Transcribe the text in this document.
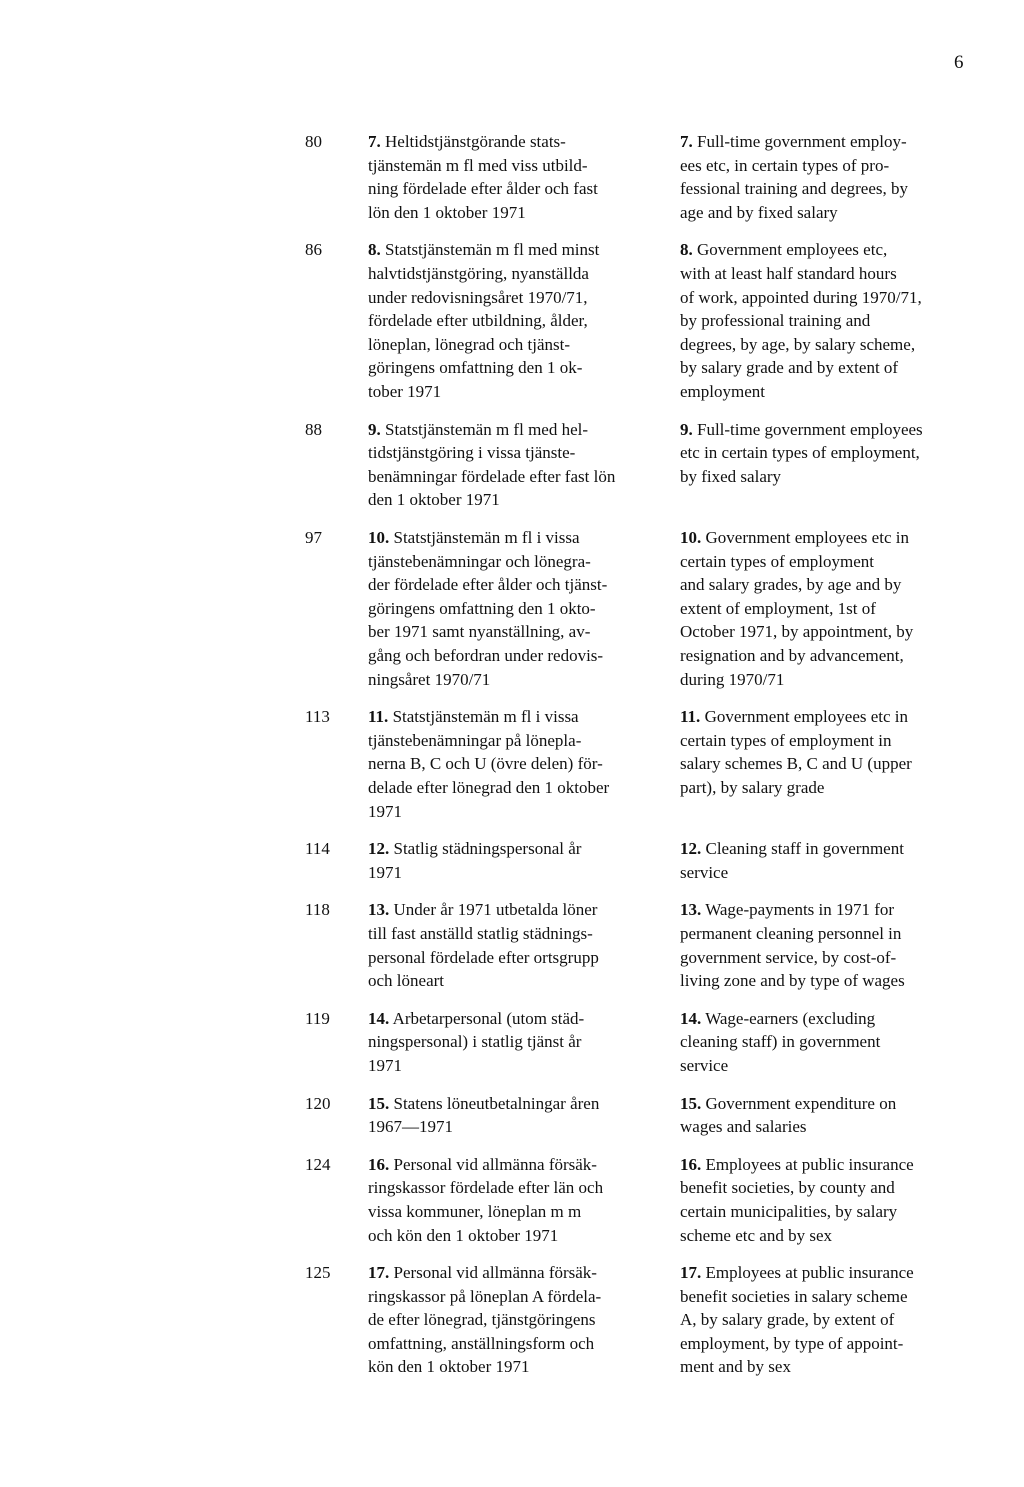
6
80	7. Heltidstjänstgörande stats-
tjänstemän m fl med viss utbild-
ning fördelade efter ålder och fast
lön den 1 oktober 1971
7. Full-time government employ-
ees etc, in certain types of pro-
fessional training and degrees, by
age and by fixed salary
86	8. Statstjänstemän m fl med minst
halvtidstjänstgöring, nyanställda
under redovisningsåret 1970/71,
fördelade efter utbildning, ålder,
löneplan, lönegrad och tjänst-
göringens omfattning den 1 ok-
tober 1971
8. Government employees etc,
with at least half standard hours
of work, appointed during 1970/71,
by professional training and
degrees, by age, by salary scheme,
by salary grade and by extent of
employment
88	9. Statstjänstemän m fl med hel-
tidstjänstgöring i vissa tjänste-
benämningar fördelade efter fast lön
den 1 oktober 1971
9. Full-time government employees
etc in certain types of employment,
by fixed salary
97	10. Statstjänstemän m fl i vissa
tjänstebenämningar och lönegra-
der fördelade efter ålder och tjänst-
göringens omfattning den 1 okto-
ber 1971 samt nyanställning, av-
gång och befordran under redovis-
ningsåret 1970/71
10. Government employees etc in
certain types of employment
and salary grades, by age and by
extent of employment, 1st of
October 1971, by appointment, by
resignation and by advancement,
during 1970/71
113	11. Statstjänstemän m fl i vissa
tjänstebenämningar på lönepla-
nerna B, C och U (övre delen) för-
delade efter lönegrad den 1 oktober
1971
11. Government employees etc in
certain types of employment in
salary schemes B, C and U (upper
part), by salary grade
114	12. Statlig städningspersonal år
1971
12. Cleaning staff in government
service
118	13. Under år 1971 utbetalda löner
till fast anställd statlig städnings-
personal fördelade efter ortsgrupp
och löneart
13. Wage-payments in 1971 for
permanent cleaning personnel in
government service, by cost-of-
living zone and by type of wages
119	14. Arbetarpersonal (utom städ-
ningspersonal) i statlig tjänst år
1971
14. Wage-earners (excluding
cleaning staff) in government
service
120	15. Statens löneutbetalningar åren
1967—1971
15. Government expenditure on
wages and salaries
124	16. Personal vid allmänna försäk-
ringskassor fördelade efter län och
vissa kommuner, löneplan m m
och kön den 1 oktober 1971
16. Employees at public insurance
benefit societies, by county and
certain municipalities, by salary
scheme etc and by sex
125	17. Personal vid allmänna försäk-
ringskassor på löneplan A fördela-
de efter lönegrad, tjänstgöringens
omfattning, anställningsform och
kön den 1 oktober 1971
17. Employees at public insurance
benefit societies in salary scheme
A, by salary grade, by extent of
employment, by type of appoint-
ment and by sex
